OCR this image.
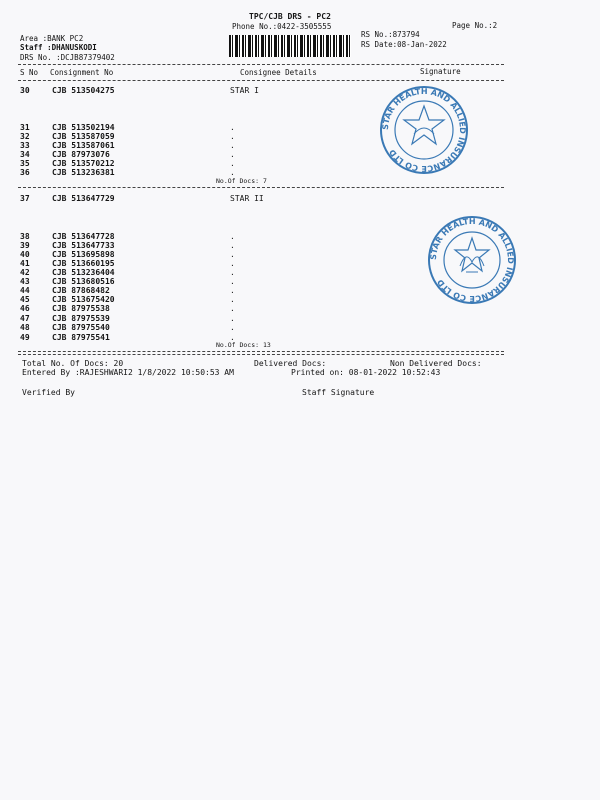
TPC/CJB DRS - PC2
Phone No.:0422-3505555	Page No.:2
Area :BANK PC2
Staff :DHANUSKODI
DRS No. :DCJB87379402
RS No.:873794
RS Date:08-Jan-2022
S No Consignment No	Consignee Details	Signature
30	CJB 513504275	STAR I
31	CJB 513502194	.
32	CJB 513587059	.
33	CJB 513587061	.
34	CJB 87973076	.
35	CJB 513570212	.
36	CJB 513236381	.
No.Of Docs: 7
37	CJB 513647729	STAR II
38	CJB 513647728	.
39	CJB 513647733	.
40	CJB 513695898	.
41	CJB 513660195	.
42	CJB 513236404	.
43	CJB 513680516	.
44	CJB 87868482	.
45	CJB 513675420	.
46	CJB 87975538	.
47	CJB 87975539	.
48	CJB 87975540	.
49	CJB 87975541	.
No.Of Docs: 13
Total No. Of Docs: 20	Delivered Docs:	Non Delivered Docs:
Entered By :RAJESHWARI2 1/8/2022 10:50:53 AM	Printed on: 08-01-2022 10:52:43
Verified By	Staff Signature
STAR HEALTH AND ALLIED INSURANCE CO LTD
STAR HEALTH AND ALLIED INSURANCE CO LTD
